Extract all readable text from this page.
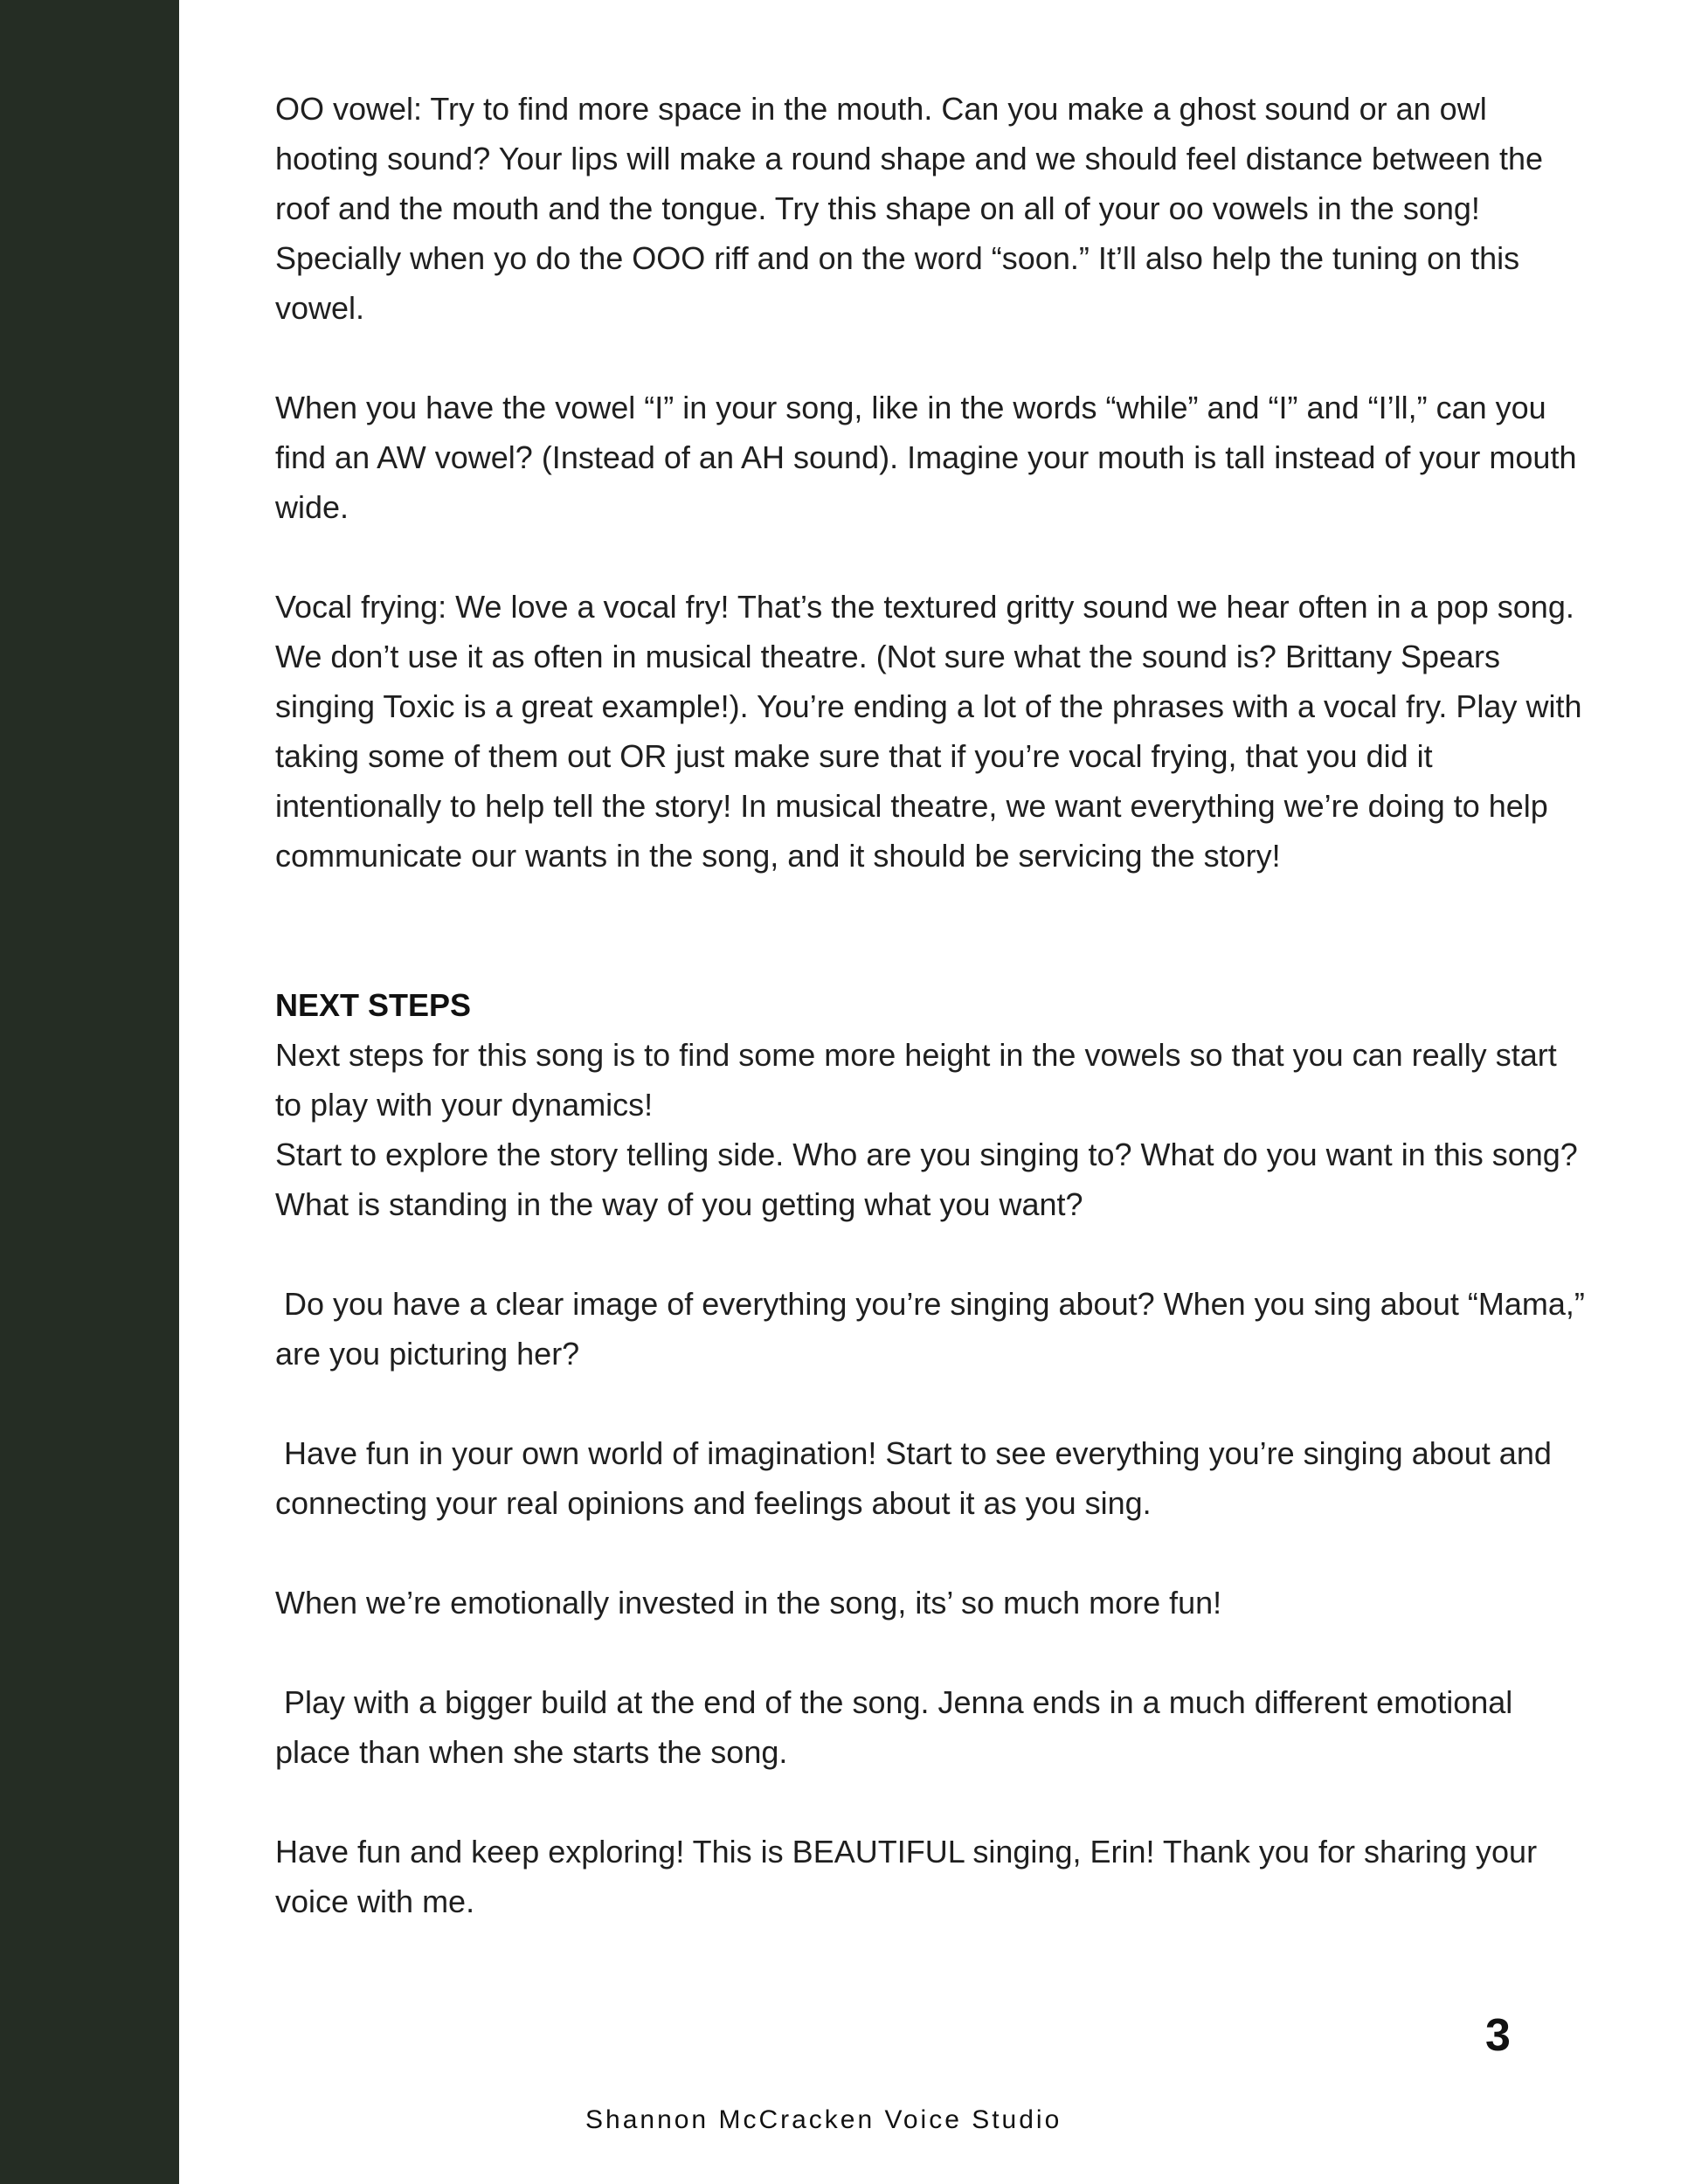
OO vowel: Try to find more space in the mouth. Can you make a ghost sound or an owl hooting sound? Your lips will make a round shape and we should feel distance between the roof and the mouth and the tongue. Try this shape on all of your oo vowels in the song! Specially when yo do the OOO riff and on the word “soon.” It’ll also help the tuning on this vowel.

When you have the vowel “I” in your song, like in the words “while” and “I” and “I’ll,” can you find an AW vowel? (Instead of an AH sound). Imagine your mouth is tall instead of your mouth wide.

Vocal frying: We love a vocal fry! That’s the textured gritty sound we hear often in a pop song. We don’t use it as often in musical theatre. (Not sure what the sound is? Brittany Spears singing Toxic is a great example!). You’re ending a lot of the phrases with a vocal fry. Play with taking some of them out OR just make sure that if you’re vocal frying, that you did it intentionally to help tell the story! In musical theatre, we want everything we’re doing to help communicate our wants in the song, and it should be servicing the story!

NEXT STEPS

Next steps for this song is to find some more height in the vowels so that you can really start to play with your dynamics!

Start to explore the story telling side. Who are you singing to? What do you want in this song? What is standing in the way of you getting what you want?

Do you have a clear image of everything you’re singing about? When you sing about “Mama,” are you picturing her?

Have fun in your own world of imagination! Start to see everything you’re singing about and connecting your real opinions and feelings about it as you sing.

When we’re emotionally invested in the song, its’ so much more fun!

Play with a bigger build at the end of the song. Jenna ends in a much different emotional place than when she starts the song.

Have fun and keep exploring! This is BEAUTIFUL singing, Erin! Thank you for sharing your voice with me.

3
Shannon McCracken Voice Studio
